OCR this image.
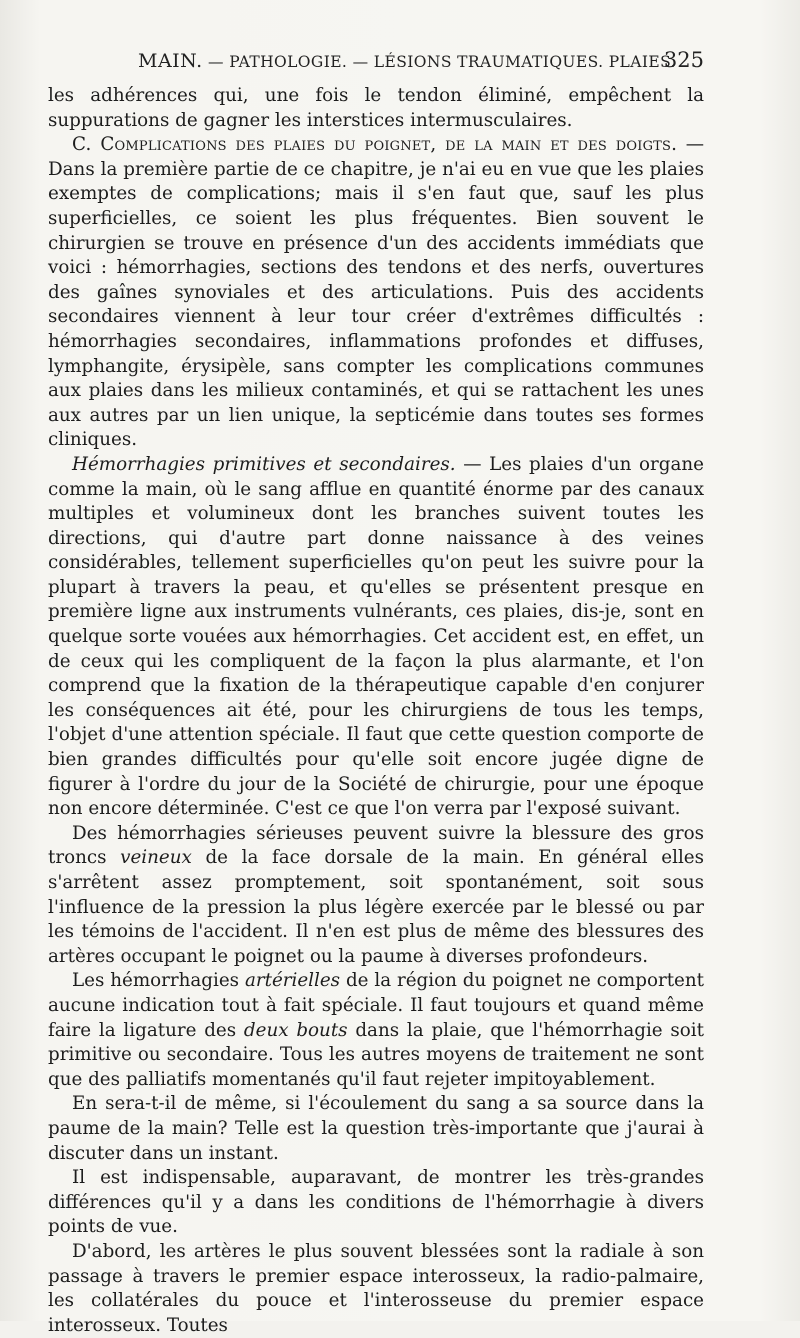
MAIN. — PATHOLOGIE. — LÉSIONS TRAUMATIQUES. PLAIES.
325

les adhérences qui, une fois le tendon éliminé, empêchent la suppurations de gagner les interstices intermusculaires.

C. Complications des plaies du poignet, de la main et des doigts. — Dans la première partie de ce chapitre, je n'ai eu en vue que les plaies exemptes de complications; mais il s'en faut que, sauf les plus superficielles, ce soient les plus fréquentes. Bien souvent le chirurgien se trouve en présence d'un des accidents immédiats que voici : hémorrhagies, sections des tendons et des nerfs, ouvertures des gaînes synoviales et des articulations. Puis des accidents secondaires viennent à leur tour créer d'extrêmes difficultés : hémorrhagies secondaires, inflammations profondes et diffuses, lymphangite, érysipèle, sans compter les complications communes aux plaies dans les milieux contaminés, et qui se rattachent les unes aux autres par un lien unique, la septicémie dans toutes ses formes cliniques.

Hémorrhagies primitives et secondaires. — Les plaies d'un organe comme la main, où le sang afflue en quantité énorme par des canaux multiples et volumineux dont les branches suivent toutes les directions, qui d'autre part donne naissance à des veines considérables, tellement superficielles qu'on peut les suivre pour la plupart à travers la peau, et qu'elles se présentent presque en première ligne aux instruments vulnérants, ces plaies, dis-je, sont en quelque sorte vouées aux hémorrhagies. Cet accident est, en effet, un de ceux qui les compliquent de la façon la plus alarmante, et l'on comprend que la fixation de la thérapeutique capable d'en conjurer les conséquences ait été, pour les chirurgiens de tous les temps, l'objet d'une attention spéciale. Il faut que cette question comporte de bien grandes difficultés pour qu'elle soit encore jugée digne de figurer à l'ordre du jour de la Société de chirurgie, pour une époque non encore déterminée. C'est ce que l'on verra par l'exposé suivant.

Des hémorrhagies sérieuses peuvent suivre la blessure des gros troncs veineux de la face dorsale de la main. En général elles s'arrêtent assez promptement, soit spontanément, soit sous l'influence de la pression la plus légère exercée par le blessé ou par les témoins de l'accident. Il n'en est plus de même des blessures des artères occupant le poignet ou la paume à diverses profondeurs.

Les hémorrhagies artérielles de la région du poignet ne comportent aucune indication tout à fait spéciale. Il faut toujours et quand même faire la ligature des deux bouts dans la plaie, que l'hémorrhagie soit primitive ou secondaire. Tous les autres moyens de traitement ne sont que des palliatifs momentanés qu'il faut rejeter impitoyablement.

En sera-t-il de même, si l'écoulement du sang a sa source dans la paume de la main? Telle est la question très-importante que j'aurai à discuter dans un instant.

Il est indispensable, auparavant, de montrer les très-grandes différences qu'il y a dans les conditions de l'hémorrhagie à divers points de vue.

D'abord, les artères le plus souvent blessées sont la radiale à son passage à travers le premier espace interosseux, la radio-palmaire, les collatérales du pouce et l'interosseuse du premier espace interosseux. Toutes
